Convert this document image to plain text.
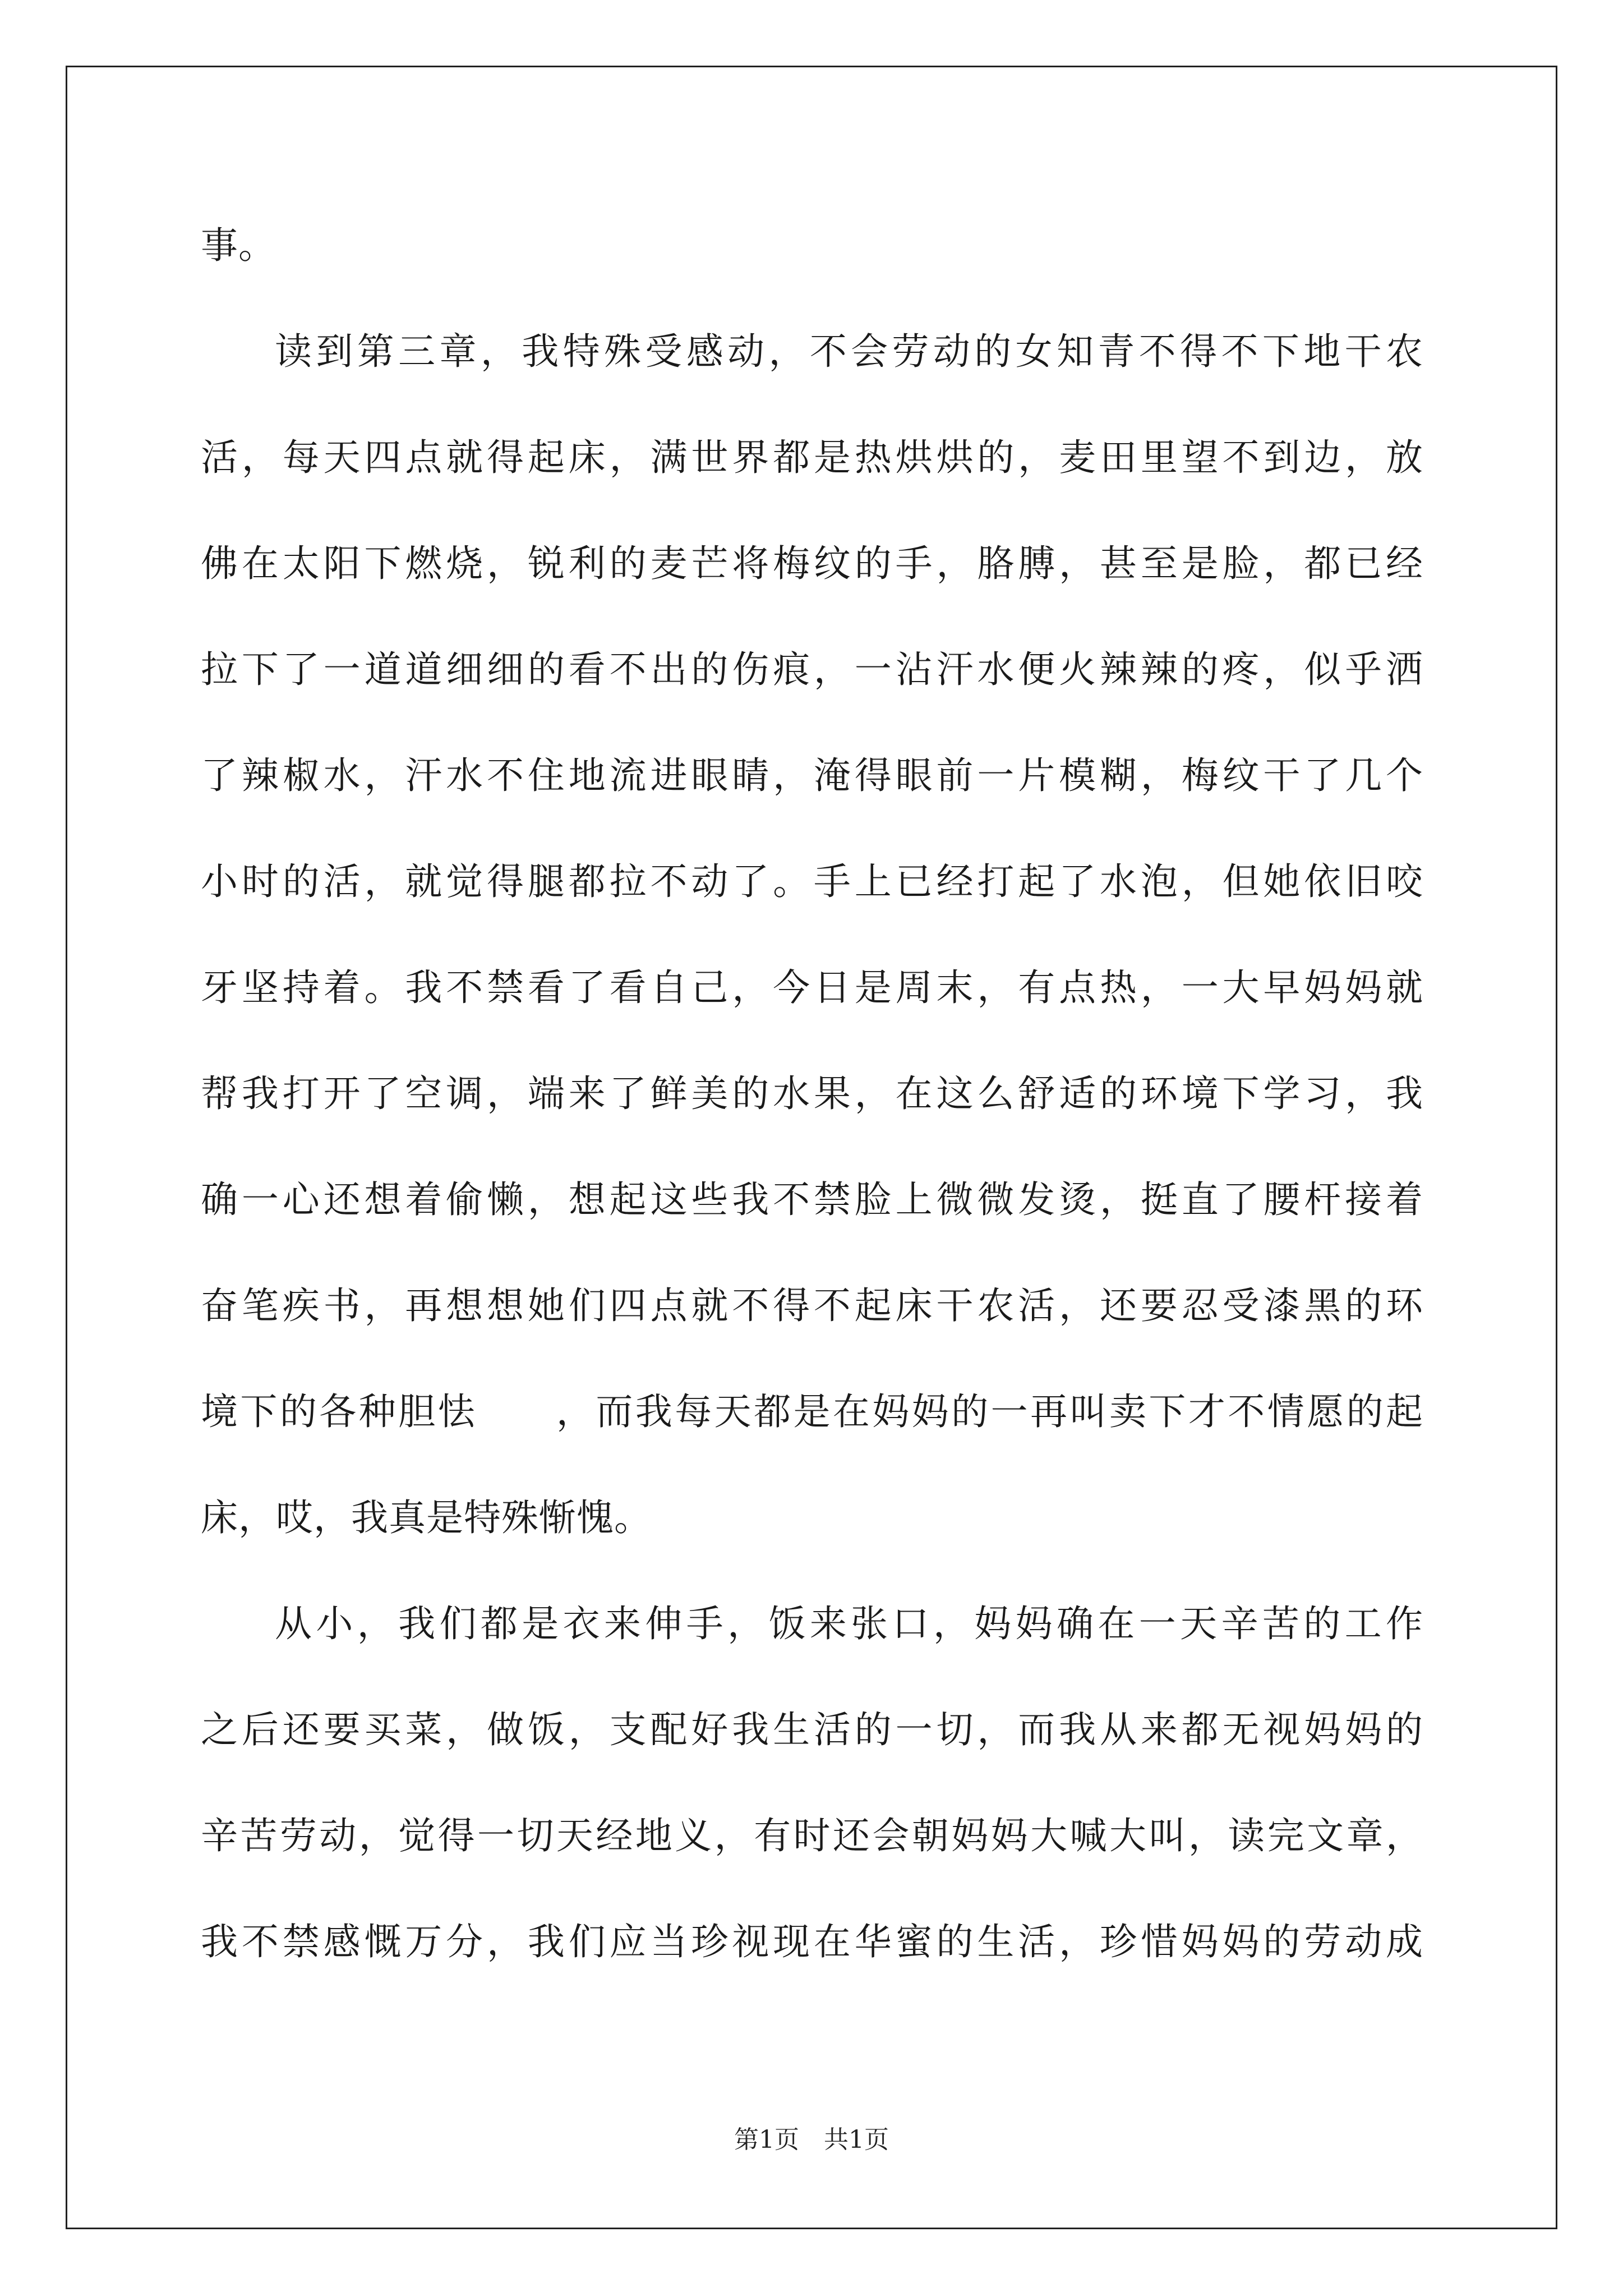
事。
读到第三章，我特殊受感动，不会劳动的女知青不得不下地干农
活，每天四点就得起床，满世界都是热烘烘的，麦田里望不到边，放
佛在太阳下燃烧，锐利的麦芒将梅纹的手，胳膊，甚至是脸，都已经
拉下了一道道细细的看不出的伤痕，一沾汗水便火辣辣的疼，似乎洒
了辣椒水，汗水不住地流进眼睛，淹得眼前一片模糊，梅纹干了几个
小时的活，就觉得腿都拉不动了。手上已经打起了水泡，但她依旧咬
牙坚持着。我不禁看了看自己，今日是周末，有点热，一大早妈妈就
帮我打开了空调，端来了鲜美的水果，在这么舒适的环境下学习，我
确一心还想着偷懒，想起这些我不禁脸上微微发烫，挺直了腰杆接着
奋笔疾书，再想想她们四点就不得不起床干农活，还要忍受漆黑的环
境下的各种胆怯　　，而我每天都是在妈妈的一再叫卖下才不情愿的起
床，哎，我真是特殊惭愧。
从小，我们都是衣来伸手，饭来张口，妈妈确在一天辛苦的工作
之后还要买菜，做饭，支配好我生活的一切，而我从来都无视妈妈的
辛苦劳动，觉得一切天经地义，有时还会朝妈妈大喊大叫，读完文章，
我不禁感慨万分，我们应当珍视现在华蜜的生活，珍惜妈妈的劳动成
第1页　共1页
